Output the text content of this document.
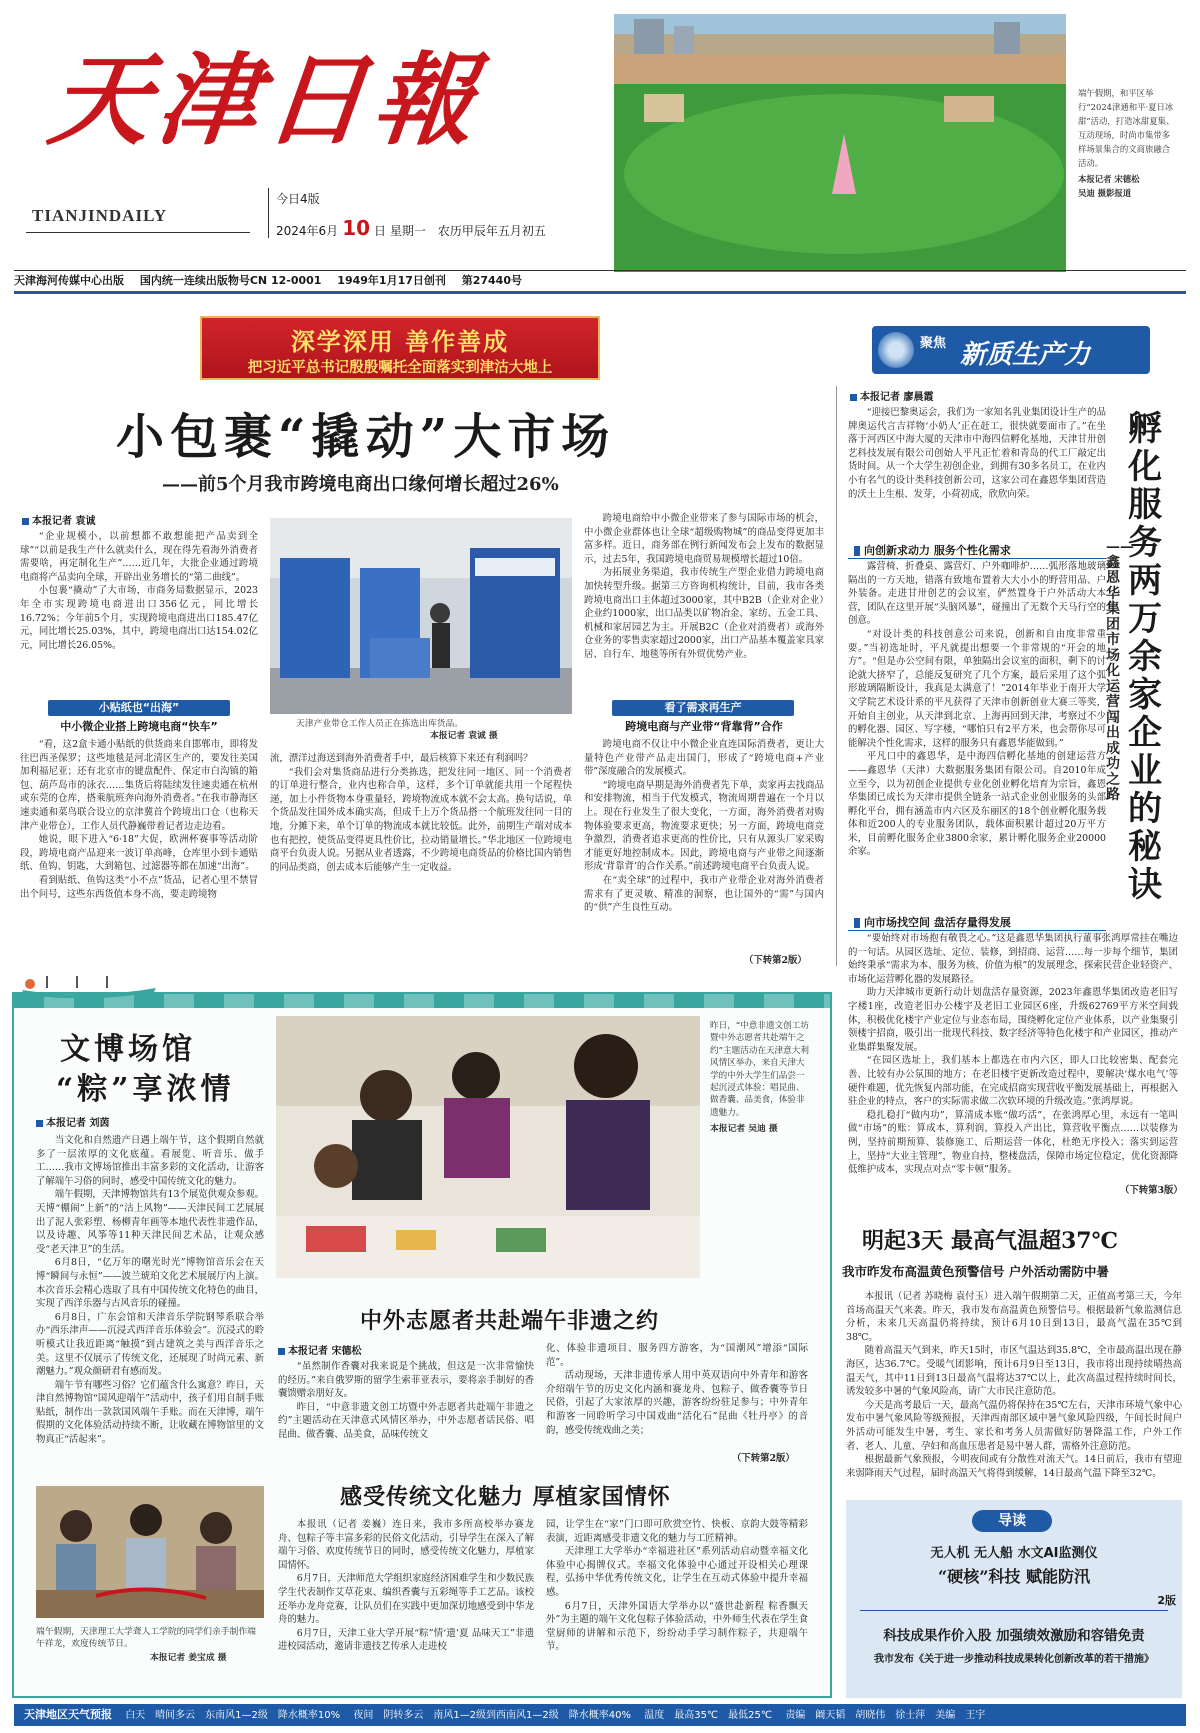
天津日報
TIANJINDAILY
今日4版
2024年6月 10 日 星期一　农历甲辰年五月初五
端午假期，和平区举行“2024津通和平·夏日冰甜”活动，打造冰甜夏集、互动现场，时尚市集带多样场景集合的文商旅融合活动。
本报记者 宋德松
吴迪 摄影报道
天津海河传媒中心出版 国内统一连续出版物号CN 12-0001 1949年1月17日创刊 第27440号
深学深用 善作善成
把习近平总书记殷殷嘱托全面落实到津沽大地上
聚焦 新质生产力
小包裹“撬动”大市场
——前5个月我市跨境电商出口缘何增长超过26%
本报记者 袁诚

“企业规模小，以前想都不敢想能把产品卖到全球”“以前是我生产什么就卖什么，现在得先看海外消费者需要啥，再定制化生产”……近几年，大批企业通过跨境电商将产品卖向全球，开辟出业务增长的“第二曲线”。

小包裹“撬动”了大市场，市商务局数据显示，2023年全市实现跨境电商进出口356亿元，同比增长16.72%；今年前5个月，实现跨境电商进出口185.47亿元，同比增长25.03%，其中，跨境电商出口达154.02亿元，同比增长26.05%。

小贴纸也“出海”
中小微企业搭上跨境电商“快车”

“看，这2盒卡通小贴纸的供货商来自邯郸市，即将发往巴西圣保罗；这些地毯是河北清区生产的，要发往美国加利福尼亚；还有北京市的键盘配件、保定市白沟镇的箱包、葫芦岛市的泳衣……集货后将陆续发往速卖通在杭州或东莞的仓库，搭乘航班奔向海外消费者。”在我市静海区速卖通和菜鸟联合设立的京津冀首个跨境出口仓（也称天津产业带仓），工作人员代静巍带着记者边走边看。

她说，眼下进入“6·18”大促，欧洲杯赛事等活动阶段，跨境电商产品迎来一波订单高峰，仓库里小到卡通贴纸、鱼钩、钥匙，大到箱包、过滤器等都在加速“出海”。

看到贴纸、鱼钩这类“小不点”货品，记者心里不禁冒出个问号，这些东西货值本身不高，要走跨境物

天津产业带仓工作人员正在拣选出库货品。
本报记者 袁诚 摄

流，漂洋过海送到海外消费者手中，最后核算下来还有利润吗？

“我们会对集货商品进行分类拣选，把发往同一地区、同一个消费者的订单进行整合，业内也称合单，这样，多个订单就能共用一个尾程快递，加上小件货物本身重量轻，跨境物流成本就不会太高。换句话说，单个货品发往国外成本确实高，但成千上万个货品搭一个航班发往同一目的地，分摊下来，单个订单的物流成本就比较低。此外，前期生产端对成本也有把控，使货品变得更具性价比，拉动销量增长。”华北地区一位跨境电商平台负责人说。另据从业者透露，不少跨境电商货品的价格比国内销售的同品类商，创去成本后能够产生一定收益。

跨境电商给中小微企业带来了参与国际市场的机会，中小微企业群体也让全球“超级购物城”的商品变得更加丰富多样。近日，商务部在例行新闻发布会上发布的数据显示，过去5年，我国跨境电商贸易规模增长超过10倍。

为拓展业务渠道，我市传统生产型企业借力跨境电商加快转型升级。据第三方咨询机构统计，目前，我市各类跨境电商出口主体超过3000家，其中B2B（企业对企业）企业约1000家，出口品类以矿物冶金、家纺、五金工具、机械和家居园艺为主。开展B2C（企业对消费者）或海外仓业务的零售卖家超过2000家，出口产品基本覆盖家具家居、自行车、地毯等所有外贸优势产业。

看了需求再生产
跨境电商与产业带“背靠背”合作

跨境电商不仅让中小微企业直连国际消费者，更让大量特色产业带产品走出国门，形成了“跨境电商+产业带”深度融合的发展模式。

“跨境电商早期是海外消费者先下单，卖家再去找商品和安排物流，相当于代发模式，物流周期普遍在一个月以上。现在行业发生了很大变化，一方面，海外消费者对购物体验要求更高，物流要求更快；另一方面，跨境电商竞争激烈，消费者追求更高的性价比，只有从源头厂家采购才能更好地控制成本。因此，跨境电商与产业带之间逐渐形成‘背靠背’的合作关系。”前述跨境电商平台负责人说。

在“卖全球”的过程中，我市产业带企业对海外消费者需求有了更灵敏、精准的洞察，也让国外的“需”与国内的“供”产生良性互动。

（下转第2版）
本报记者 廖晨霞

“迎接巴黎奥运会，我们为一家知名乳业集团设计生产的品牌奥运代言吉祥物‘小奶人’正在赶工，很快就要面市了。”在坐落于河西区中海大厦的天津市中海四信孵化基地，天津甘卅创艺科技发展有限公司创始人平凡正忙着和青岛的代工厂敲定出货时间。从一个大学生初创企业，到拥有30多名员工，在业内小有名气的设计类科技创新公司，这家公司在鑫恩华集团营造的沃土上生根、发芽，小荷初成，欣欣向荣。

向创新求动力 服务个性化需求

露营椅、折叠桌、露营灯、户外咖啡炉……弧形落地玻璃隔出的一方天地，错落有致地布置着大大小小的野营用品、户外装备。走进甘卅创艺的会议室，俨然置身于户外活动大本营，团队在这里开展“头脑风暴”，碰撞出了无数个天马行空的创意。

“对设计类的科技创意公司来说，创新和自由度非常重要。”当初选址时，平凡就提出想要一个非常规的“开会的地方”。“但是办公空间有限，单独隔出会议室的面积，剩下的讨论就大挤窄了，总能反复研究了几个方案，最后采用了这个弧形玻璃隔断设计，我真是太满意了！”2014年毕业于南开大学文学院艺术设计系的平凡获得了天津市创新创业大赛三等奖，开始自主创业，从天津到北京、上海再回到天津，考察过不少的孵化器、园区、写字楼，“哪怕只有2平方米，也会帮你尽可能解决个性化需求，这样的服务只有鑫恩华能做到。”

平凡口中的鑫恩华，是中海四信孵化基地的创建运营方——鑫恩华（天津）大数据服务集团有限公司。自2010年成立至今，以为初创企业提供专业化创业孵化培育为宗旨，鑫恩华集团已成长为天津市提供全链条一站式企业创业服务的头部孵化平台，拥有涵盖市内六区及东丽区的18个创业孵化服务载体和近200人的专业服务团队，载体面积累计超过20万平方米，目前孵化服务企业3800余家，累计孵化服务企业20000余家。

向市场找空间 盘活存量得发展

“要始终对市场抱有敬畏之心。”这是鑫恩华集团执行董事张鸿厚常挂在嘴边的一句话。从园区选址、定位、装修，到招商、运营……每一步每个细节，集团始终秉承“需求为本、服务为核、价值为根”的发展理念，探索民营企业轻资产、市场化运营孵化器的发展路径。

助力天津城市更新行动计划盘活存量资源，2023年鑫恩华集团改造老旧写字楼1座，改造老旧办公楼宇及老旧工业园区6座，升级62769平方米空间载体，积极优化楼宇产业定位与业态布局，围绕孵化定位产业体系，以产业集聚引领楼宇招商，吸引出一批现代科技、数字经济等特色化楼宇和产业园区，推动产业集群集聚发展。

“在园区选址上，我们基本上都选在市内六区，即人口比较密集、配套完善、比较有办公氛围的地方；在老旧楼宇更新改造过程中，要解决‘煤水电气’等硬件难题，优先恢复内部功能，在完成招商实现营收平衡发展基础上，再根据入驻企业的特点，客户的实际需求做二次软环境的升级改造。”张鸿厚说。

稳扎稳打“做内功”，算清成本账“做巧活”，在张鸿厚心里，永远有一笔叫做“市场”的账：算成本，算利润，算投入产出比，算营收平衡点……以装修为例，坚持前期预算、装修施工、后期运营一体化，杜绝无序投入；落实到运营上，坚持“大业主管理”，物业自持，整楼盘活，保障市场定位稳定，优化资源降低维护成本，实现点对点“零卡顿”服务。

（下转第3版）
孵化服务两万余家企业的秘诀
——鑫恩华集团市场化运营闯出成功之路
文博场馆
“粽”享浓情
本报记者 刘茵

当文化和自然遗产日遇上端午节，这个假期自然就多了一层浓厚的文化底蕴。看展览、听音乐、做手工……我市文博场馆推出丰富多彩的文化活动，让游客了解端午习俗的同时，感受中国传统文化的魅力。

端午假期，天津博物馆共有13个展览供观众参观。天博“棚闹”上新”的“沽上风物”——天津民间工艺展展出了泥人张彩塑、杨柳青年画等本地代表性非遗作品，以及诗趣、风筝等11种天津民间艺术品，让观众感受“老天津卫”的生活。

6月8日，“亿万年的曙光时光”博物馆音乐会在天博“瞬间与永恒”——波兰琥珀文化艺术展展厅内上演。本次音乐会精心选取了具有中国传统文化特色的曲目，实现了西洋乐器与古风音乐的碰撞。

6月8日，广东会馆和天津音乐学院钢琴系联合举办“西乐津声——沉浸式西洋音乐体验会”。沉浸式的聆听模式让我近距离“触摸”到古建筑之美与西洋音乐之美。这里不仅展示了传统文化，还展现了时尚元素、新潮魅力。”观众颜研君有感而发。

端午节有哪些习俗？它们蕴含什么寓意？昨日，天津自然博物馆“国风迎端午”活动中，孩子们用自制手账贴纸，制作出一款款国风端午手账。而在天津博，端午假期的文化体验活动持续不断，让收藏在博物馆里的文物真正“活起来”。

端午假期，天津理工大学聋人工学院的同学们亲手制作端午祥龙，欢度传统节日。
本报记者 姜宝成 摄
昨日，“中意非遗文创工坊暨中外志愿者共赴端午之约”主题活动在天津意大利风情区举办，来自天津大学的中外大学生们品尝一起沉浸式体验：唱昆曲、做香囊、品美食，体验非遗魅力。
本报记者 吴迪 摄
中外志愿者共赴端午非遗之约
本报记者 宋德松

“虽然制作香囊对我来说是个挑战，但这是一次非常愉快的经历。”来自俄罗斯的留学生索菲亚表示，要将亲手制好的香囊馈赠亲朋好友。

昨日，“中意非遗文创工坊暨中外志愿者共赴端午非遗之约”主题活动在天津意式风情区举办，中外志愿者话民俗、唱昆曲、做香囊、品美食，品味传统文

化、体验非遗项目、服务四方游客，为“国潮风”增添“国际范”。

活动现场，天津非遗传承人用中英双语向中外青年和游客介绍端午节的历史文化内涵和赛龙舟、包粽子、做香囊等节日民俗，引起了大家浓厚的兴趣，游客纷纷驻足参与；中外青年和游客一同聆听学习中国戏曲“活化石”昆曲《牡丹亭》的音韵，感受传统戏曲之美；

（下转第2版）
感受传统文化魅力 厚植家国情怀

本报讯（记者 姜巍）连日来，我市多所高校举办赛龙舟、包粽子等丰富多彩的民俗文化活动，引导学生在深入了解端午习俗、欢度传统节日的同时，感受传统文化魅力，厚植家国情怀。

6月7日，天津师范大学组织家庭经济困难学生和少数民族学生代表制作艾草花束、编织香囊与五彩绳等手工艺品。该校还举办龙舟竞赛，让队员们在实践中更加深切地感受到中华龙舟的魅力。

6月7日，天津工业大学开展“粽”情‘遗’夏 品味天工”非遗进校园活动，邀请非遗技艺传承人走进校

园，让学生在“家”门口即可欣赏空竹、快板、京韵大鼓等精彩表演，近距离感受非遗文化的魅力与工匠精神。

天津理工大学举办“幸福进社区”系列活动启动暨幸福文化体验中心揭牌仪式。幸福文化体验中心通过开设相关心理课程，弘扬中华优秀传统文化，让学生在互动式体验中提升幸福感。

6月7日，天津外国语大学举办以“盛世赴新程 粽香飘天外”为主题的端午文化包粽子体验活动，中外师生代表在学生食堂厨师的讲解和示范下，纷纷动手学习制作粽子，共迎端午节。

明起3天 最高气温超37℃
我市昨发布高温黄色预警信号 户外活动需防中暑

本报讯（记者 苏晓梅 袁付玉）进入端午假期第二天，正值高考第三天，今年首场高温天气来袭。昨天，我市发布高温黄色预警信号。根据最新气象监测信息分析，未来几天高温仍将持续，预计6月10日到13日，最高气温在35℃到38℃。

随着高温天气到来，昨天15时，市区气温达到35.8℃，全市最高温出现在静海区，达36.7℃。受暖气团影响，预计6月9日至13日，我市将出现持续晴热高温天气，其中11日到13日最高气温将达37℃以上，此次高温过程持续时间长，诱发较多中暑的气象风险高，请广大市民注意防范。

今天是高考最后一天，最高气温仍将保持在35℃左右，天津市环境气象中心发布中暑气象风险等级预报，天津西南部区域中暑气象风险四级，午间长时间户外活动可能发生中暑，考生、家长和考务人员需做好防暑降温工作，户外工作者、老人、儿童、孕妇和高血压患者是易中暑人群，需格外注意防范。

根据最新气象预报，今明夜间或有分散性对流天气。14日前后，我市有望迎来弱降雨天气过程，届时高温天气将得到缓解，14日最高气温下降至32℃。

导读
无人机 无人船 水文AI监测仪
“硬核”科技 赋能防汛
2版
科技成果作价入股 加强绩效激励和容错免责
我市发布《关于进一步推动科技成果转化创新改革的若干措施》
天津地区天气预报 白天　晴间多云　东南风1—2级　降水概率10% 夜间　阴转多云　南风1—2级到西南风1—2级　降水概率40% 温度　最高35℃　最低25℃ 责编　阚天韬　胡晓伟　徐士萍　美编　王宇
